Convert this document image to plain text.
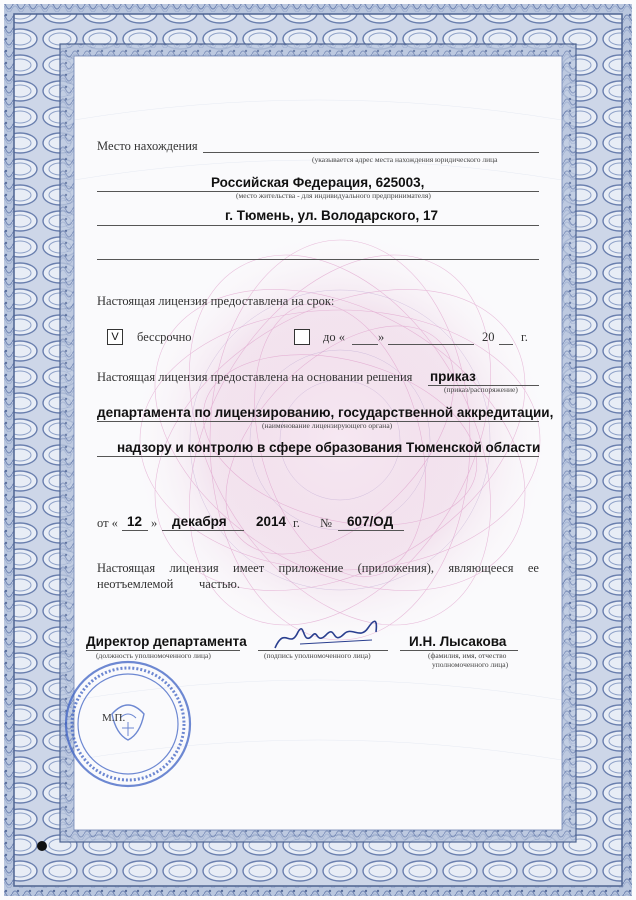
Место нахождения
(указывается адрес места нахождения юридического лица
Российская Федерация, 625003,
(место жительства - для индивидуального предпринимателя)
г. Тюмень, ул. Володарского, 17
Настоящая лицензия предоставлена на срок:
V	бессрочно	до «	»	20 г.
Настоящая лицензия предоставлена на основании решения приказ
(приказ/распоряжение)
департамента по лицензированию, государственной аккредитации,
(наименование лицензирующего органа)
надзору и контролю в сфере образования Тюменской области
от « 12 » декабря 2014 г. № 607/ОД
Настоящая лицензия имеет приложение (приложения), являющееся ее
неотъемлемой частью.
Директор департамента
(должность уполномоченного лица)	(подпись уполномоченного лица)
И.Н. Лысакова
(фамилия, имя, отчество
уполномоченного лица)
М.П.
